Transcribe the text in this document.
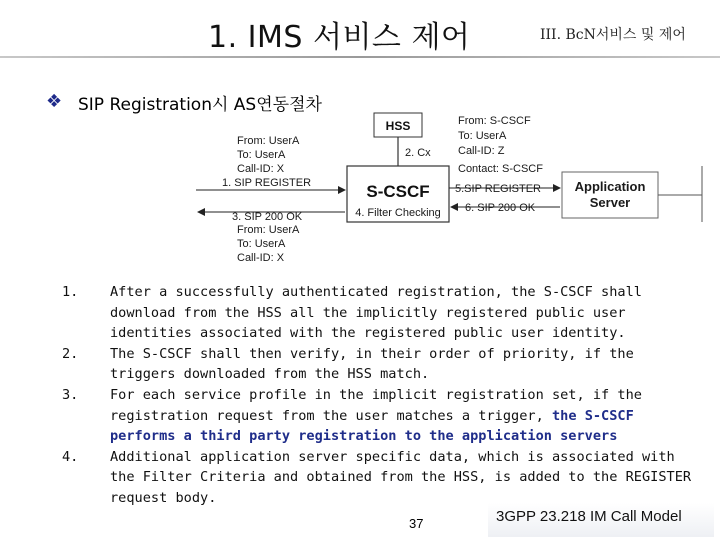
1. IMS 서비스 제어	III. BcN서비스 및 제어
❖ SIP Registration시 AS연동절차
HSS
2. Cx
S-CSCF
4. Filter Checking
Application
Server
From: UserA
To: UserA
Call-ID: X
1. SIP REGISTER
3. SIP 200 OK
From: UserA
To: UserA
Call-ID: X
From: S-CSCF
To: UserA
Call-ID: Z
Contact: S-CSCF
5.SIP REGISTER
6. SIP 200 OK
1. After a successfully authenticated registration, the S-CSCF shall download from the HSS all the implicitly registered public user identities associated with the registered public user identity.
2. The S-CSCF shall then verify, in their order of priority, if the triggers downloaded from the HSS match.
3. For each service profile in the implicit registration set, if the registration request from the user matches a trigger, the S-CSCF performs a third party registration to the application servers
4. Additional application server specific data, which is associated with the Filter Criteria and obtained from the HSS, is added to the REGISTER request body.
37	3GPP 23.218 IM Call Model
